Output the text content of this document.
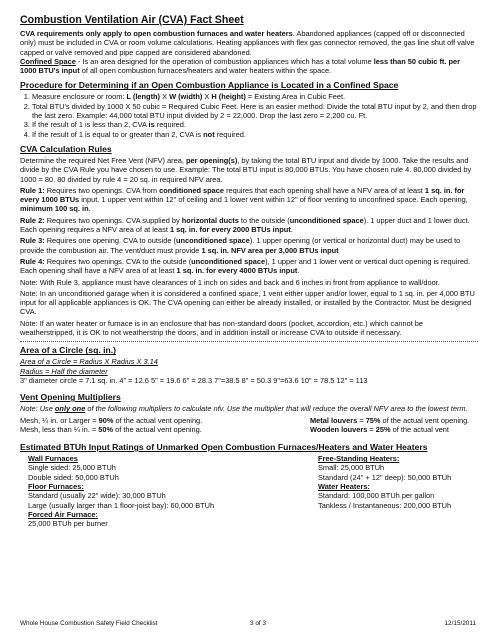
Combustion Ventilation Air (CVA) Fact Sheet

CVA requirements only apply to open combustion furnaces and water heaters. Abandoned appliances (capped off or disconnected only) must be included in CVA or room volume calculations. Heating appliances with flex gas connector removed, the gas line shut off valve capped or valve removed and pipe capped are considered abandoned.

Confined Space - Is an area designed for the operation of combustion appliances which has a total volume less than 50 cubic ft. per 1000 BTU's input of all open combustion furnaces/heaters and water heaters within the space.

Procedure for Determining if an Open Combustion Appliance is Located in a Confined Space
1. Measure enclosure or room: L (length) X W (width) X H (height) = Existing Area in Cubic Feet.
2. Total BTU's divided by 1000 X 50 cubic = Required Cubic Feet. Here is an easier method: Divide the total BTU input by 2, and then drop the last zero. Example: 44,000 total BTU input divided by 2 = 22,000. Drop the last zero = 2,200 cu. Ft.
3. If the result of 1 is less than 2, CVA is required.
4. If the result of 1 is equal to or greater than 2, CVA is not required.
CVA Calculation Rules

Determine the required Net Free Vent (NFV) area, per opening(s), by taking the total BTU input and divide by 1000. Take the results and divide by the CVA Rule you have chosen to use. Example: The total BTU input is 80,000 BTUs. You have chosen rule 4. 80,000 divided by 1000 = 80. 80 divided by rule 4 = 20 sq. in required NFV area.

Rule 1: Requires two openings. CVA from conditioned space requires that each opening shall have a NFV area of at least 1 sq. in. for every 1000 BTUs input. 1 upper vent within 12" of ceiling and 1 lower vent within 12" of floor venting to unconfined space. Each opening, minimum 100 sq. in.

Rule 2: Requires two openings. CVA supplied by horizontal ducts to the outside (unconditioned space). 1 upper duct and 1 lower duct. Each opening requires a NFV area of at least 1 sq. in. for every 2000 BTUs input.

Rule 3: Requires one opening. CVA to outside (unconditioned space). 1 upper opening (or vertical or horizontal duct) may be used to provide the combustion air. The vent/duct must provide 1 sq. in. NFV area per 3,000 BTUs input

Rule 4: Requires two openings. CVA to the outside (unconditioned space), 1 upper and 1 lower vent or vertical duct opening is required. Each opening shall have a NFV area of at least 1 sq. in. for every 4000 BTUs input.

Note: With Rule 3, appliance must have clearances of 1 inch on sides and back and 6 inches in front from appliance to wall/door.

Note: In an unconditioned garage when it is considered a confined space, 1 vent either upper and/or lower, equal to 1 sq. in. per 4,000 BTU input for all applicable appliances is OK. The CVA opening can either be already installed, or installed by the Contractor. Must be designed CVA.

Note: If an water heater or furnace is in an enclosure that has non-standard doors (pocket, accordion, etc.) which cannot be weatherstripped, it is OK to not weatherstrip the doors, and in addition install or increase CVA to outside if necessary.

Area of a Circle (sq. in.)

Area of a Circle = Radius X Radius X 3.14

Radius = Half the diameter

3" diameter circle = 7.1 sq. in. 4" = 12.6 5" = 19.6 6" = 28.3 7"=38.5 8" = 50.3 9"=63.6 10" = 78.5 12" = 113

Vent Opening Multipliers

Note: Use only one of the following multipliers to calculate nfv. Use the multiplier that will reduce the overall NFV area to the lowest term.

Mesh, ¼ in. or Larger = 90% of the actual vent opening.
Mesh, less than ¼ in. = 50% of the actual vent opening.
Metal louvers = 75% of the actual vent opening.
Wooden louvers = 25% of the actual vent
Estimated BTUh Input Ratings of Unmarked Open Combustion Furnaces/Heaters and Water Heaters
Wall Furnaces
Single sided: 25,000 BTUh
Double sided: 50,000 BTUh
Floor Furnaces:
Standard (usually 22" wide): 30,000 BTUh
Large (usually larger than 1 floor-joist bay): 60,000 BTUh
Forced Air Furnace:
25,000 BTUh per burner
Free-Standing Heaters:
Small: 25,000 BTUh
Standard (24" + 12" deep): 50,000 BTUh
Water Heaters:
Standard: 100,000 BTUh per gallon
Tankless / Instantaneous: 200,000 BTUh
Whole House Combustion Safety Field Checklist	3 of 3	12/15/2011
